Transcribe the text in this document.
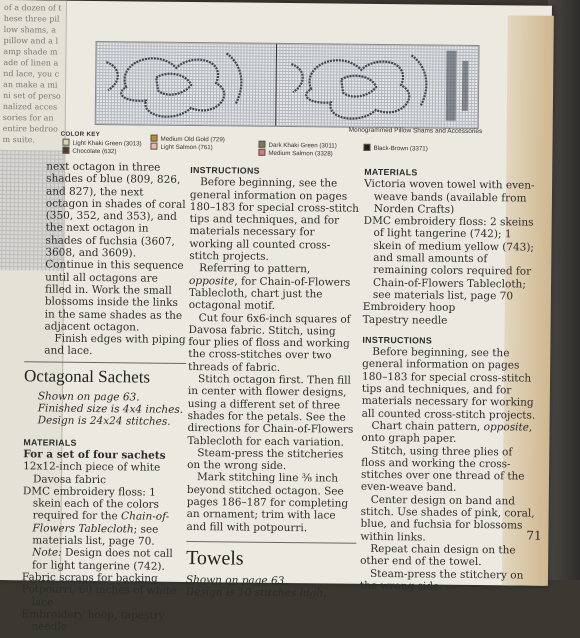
of a dozen of these three pillow shams, a pillow and a lamp shade made of linen and lace, you can make a mini set of personalized accessories for an entire bedroom suite.
Monogrammed Pillow Shams and Accessories
COLOR KEY
Light Khaki Green (3013)
Chocolate (632)
Medium Old Gold (729)
Light Salmon (761)	Dark Khaki Green (3011)
Medium Salmon (3328)
Black-Brown (3371)

next octagon in three shades of blue (809, 826, and 827), the next octagon in shades of coral (350, 352, and 353), and the next octagon in shades of fuchsia (3607, 3608, and 3609). Continue in this sequence until all octagons are filled in. Work the small blossoms inside the links in the same shades as the adjacent octagon.

Finish edges with piping and lace.

Octagonal Sachets

Shown on page 63.

Finished size is 4x4 inches.

Design is 24x24 stitches.

MATERIALS

For a set of four sachets

12x12-inch piece of white Davosa fabric

DMC embroidery floss: 1 skein each of the colors required for the Chain-of-Flowers Tablecloth; see materials list, page 70. Note: Design does not call for light tangerine (742).

Fabric scraps for backing

Potpourri, 60 inches of white lace

Embroidery hoop, tapestry needle

INSTRUCTIONS

Before beginning, see the general information on pages 180–183 for special cross-stitch tips and techniques, and for materials necessary for working all counted cross-stitch projects.

Referring to pattern, opposite, for Chain-of-Flowers Tablecloth, chart just the octagonal motif.

Cut four 6x6-inch squares of Davosa fabric. Stitch, using four plies of floss and working the cross-stitches over two threads of fabric.

Stitch octagon first. Then fill in center with flower designs, using a different set of three shades for the petals. See the directions for Chain-of-Flowers Tablecloth for each variation.

Steam-press the stitcheries on the wrong side.

Mark stitching line ⅜ inch beyond stitched octagon. See pages 186–187 for completing an ornament; trim with lace and fill with potpourri.

Towels

Shown on page 63.

Design is 10 stitches high.

MATERIALS

Victoria woven towel with even-weave bands (available from Norden Crafts)

DMC embroidery floss: 2 skeins of light tangerine (742); 1 skein of medium yellow (743); and small amounts of remaining colors required for Chain-of-Flowers Tablecloth; see materials list, page 70

Embroidery hoop

Tapestry needle

INSTRUCTIONS

Before beginning, see the general information on pages 180–183 for special cross-stitch tips and techniques, and for materials necessary for working all counted cross-stitch projects.

Chart chain pattern, opposite, onto graph paper.

Stitch, using three plies of floss and working the cross-stitches over one thread of the even-weave band.

Center design on band and stitch. Use shades of pink, coral, blue, and fuchsia for blossoms within links.

Repeat chain design on the other end of the towel.

Steam-press the stitchery on the wrong side.

71
